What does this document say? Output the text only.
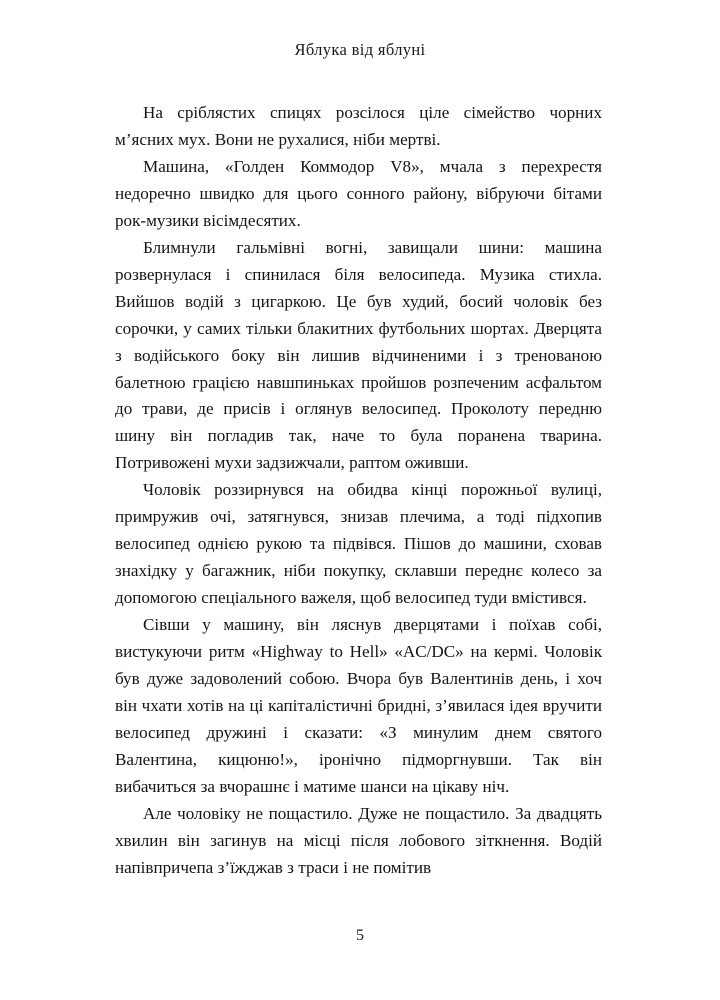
Яблука від яблуні

На сріблястих спицях розсілося ціле сімейство чорних м’ясних мух. Вони не рухалися, ніби мертві.

Машина, «Голден Коммодор V8», мчала з перехрестя недоречно швидко для цього сонного району, вібруючи бітами рок-музики вісімдесятих.

Блимнули гальмівні вогні, завищали шини: машина розвернулася і спинилася біля велосипеда. Музика стихла. Вийшов водій з цигаркою. Це був худий, босий чоловік без сорочки, у самих тільки блакитних футбольних шортах. Дверцята з водійського боку він лишив відчиненими і з тренованою балетною грацією навшпиньках пройшов розпеченим асфальтом до трави, де присів і оглянув велосипед. Проколоту передню шину він погладив так, наче то була поранена тварина. Потривожені мухи задзижчали, раптом оживши.

Чоловік роззирнувся на обидва кінці порожньої вулиці, примружив очі, затягнувся, знизав плечима, а тоді підхопив велосипед однією рукою та підвівся. Пішов до машини, сховав знахідку у багажник, ніби покупку, склавши переднє колесо за допомогою спеціального важеля, щоб велосипед туди вмістився.

Сівши у машину, він ляснув дверцятами і поїхав собі, вистукуючи ритм «Highway to Hell» «AC/DC» на кермі. Чоловік був дуже задоволений собою. Вчора був Валентинів день, і хоч він чхати хотів на ці капіталістичні бридні, з’явилася ідея вручити велосипед дружині і сказати: «З минулим днем святого Валентина, кицюню!», іронічно підморгнувши. Так він вибачиться за вчорашнє і матиме шанси на цікаву ніч.

Але чоловіку не пощастило. Дуже не пощастило. За двадцять хвилин він загинув на місці після лобового зіткнення. Водій напівпричепа з’їжджав з траси і не помітив

5
